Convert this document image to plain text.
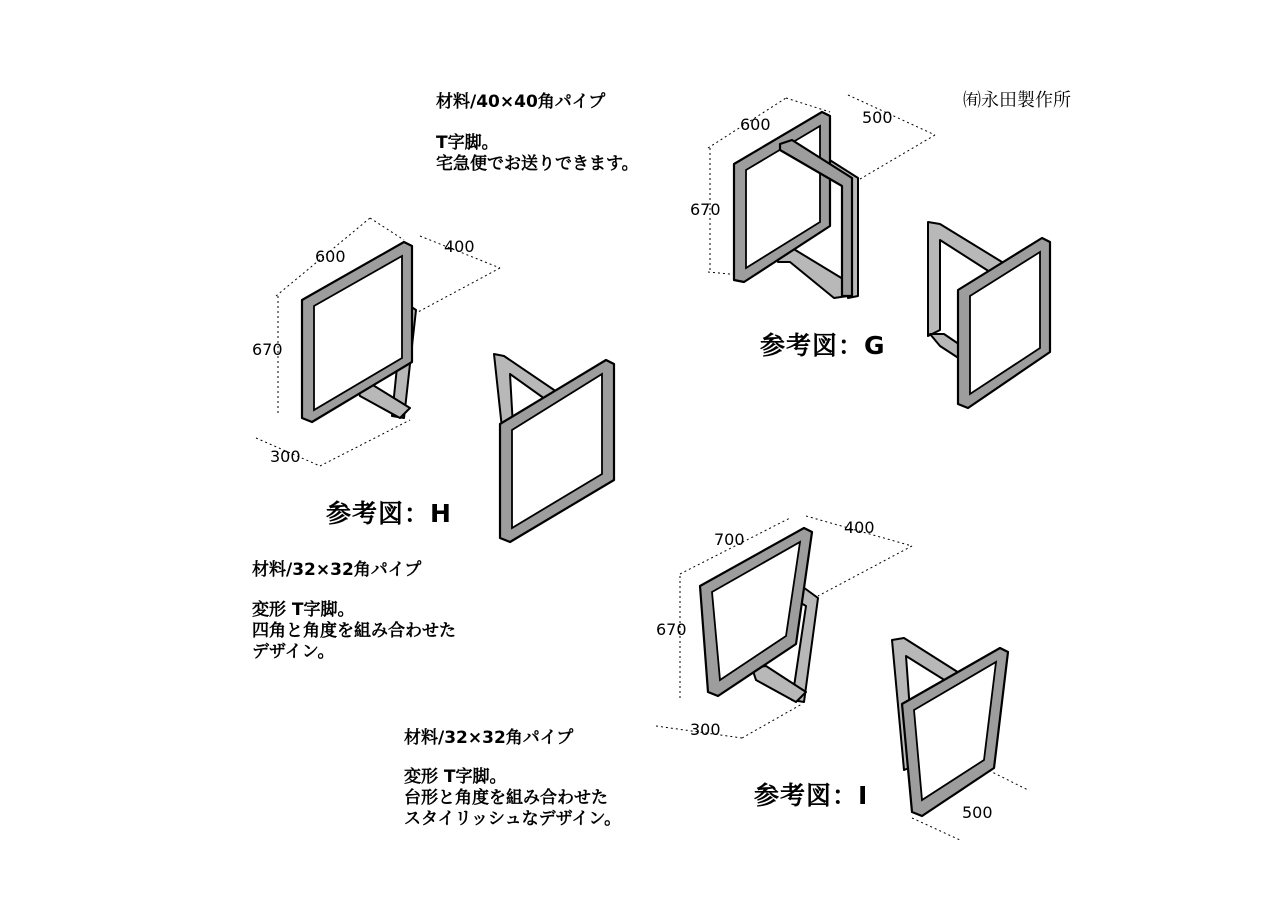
600	500
670
600
400
670
300
700
400
670
300
500
㈲永田製作所
材料/40×40角パイプ
T字脚。
宅急便でお送りできます。
参考図：G
参考図：H
材料/32×32角パイプ
変形 T字脚。
四角と角度を組み合わせた
デザイン。
材料/32×32角パイプ
変形 T字脚。
台形と角度を組み合わせた
スタイリッシュなデザイン。
参考図：I
